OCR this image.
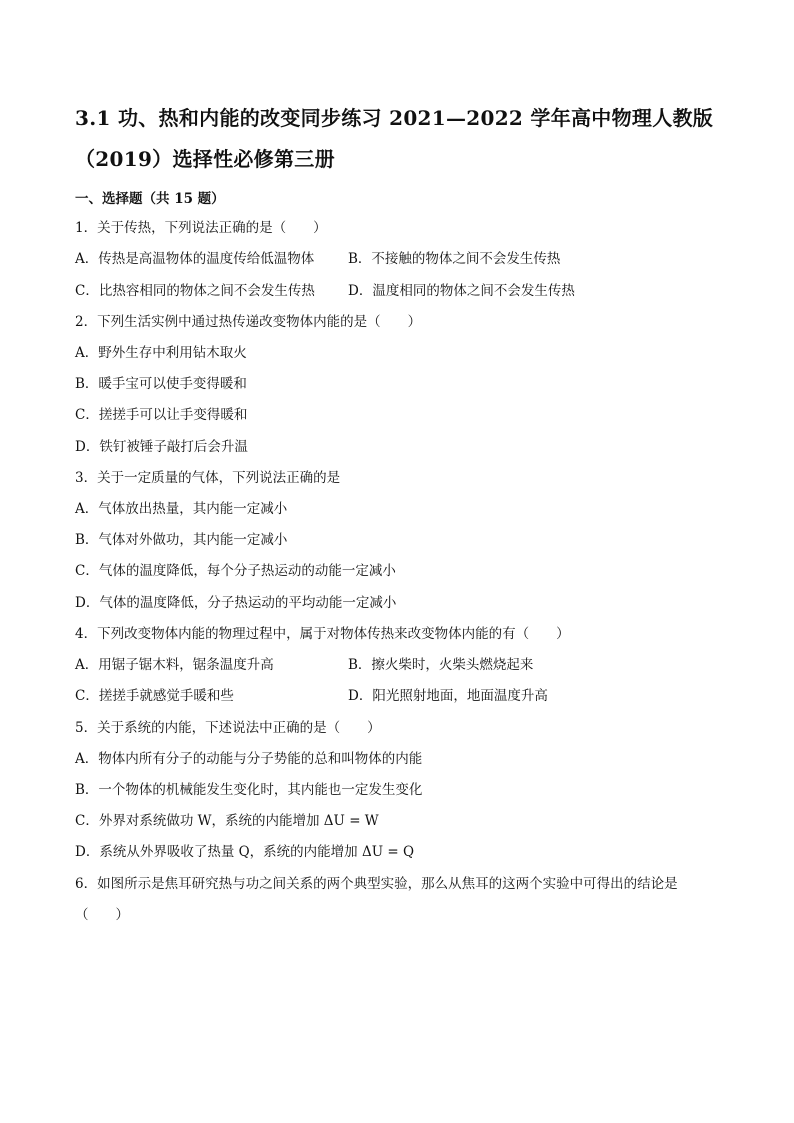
3.1 功、热和内能的改变同步练习 2021—2022 学年高中物理人教版
（2019）选择性必修第三册
一、选择题（共 15 题）
1．关于传热，下列说法正确的是（　　）
A．传热是高温物体的温度传给低温物体	B．不接触的物体之间不会发生传热
C．比热容相同的物体之间不会发生传热 D．温度相同的物体之间不会发生传热
2．下列生活实例中通过热传递改变物体内能的是（　　）
A．野外生存中利用钻木取火
B．暖手宝可以使手变得暖和
C．搓搓手可以让手变得暖和
D．铁钉被锤子敲打后会升温
3．关于一定质量的气体，下列说法正确的是
A．气体放出热量，其内能一定减小
B．气体对外做功，其内能一定减小
C．气体的温度降低，每个分子热运动的动能一定减小
D．气体的温度降低，分子热运动的平均动能一定减小
4．下列改变物体内能的物理过程中，属于对物体传热来改变物体内能的有（　　）
A．用锯子锯木料，锯条温度升高	B．擦火柴时，火柴头燃烧起来
C．搓搓手就感觉手暖和些	D．阳光照射地面，地面温度升高
5．关于系统的内能，下述说法中正确的是（　　）
A．物体内所有分子的动能与分子势能的总和叫物体的内能
B．一个物体的机械能发生变化时，其内能也一定发生变化
C．外界对系统做功 W，系统的内能增加 ΔU = W
D．系统从外界吸收了热量 Q，系统的内能增加 ΔU = Q
6．如图所示是焦耳研究热与功之间关系的两个典型实验，那么从焦耳的这两个实验中可得出的结论是
（　　）
